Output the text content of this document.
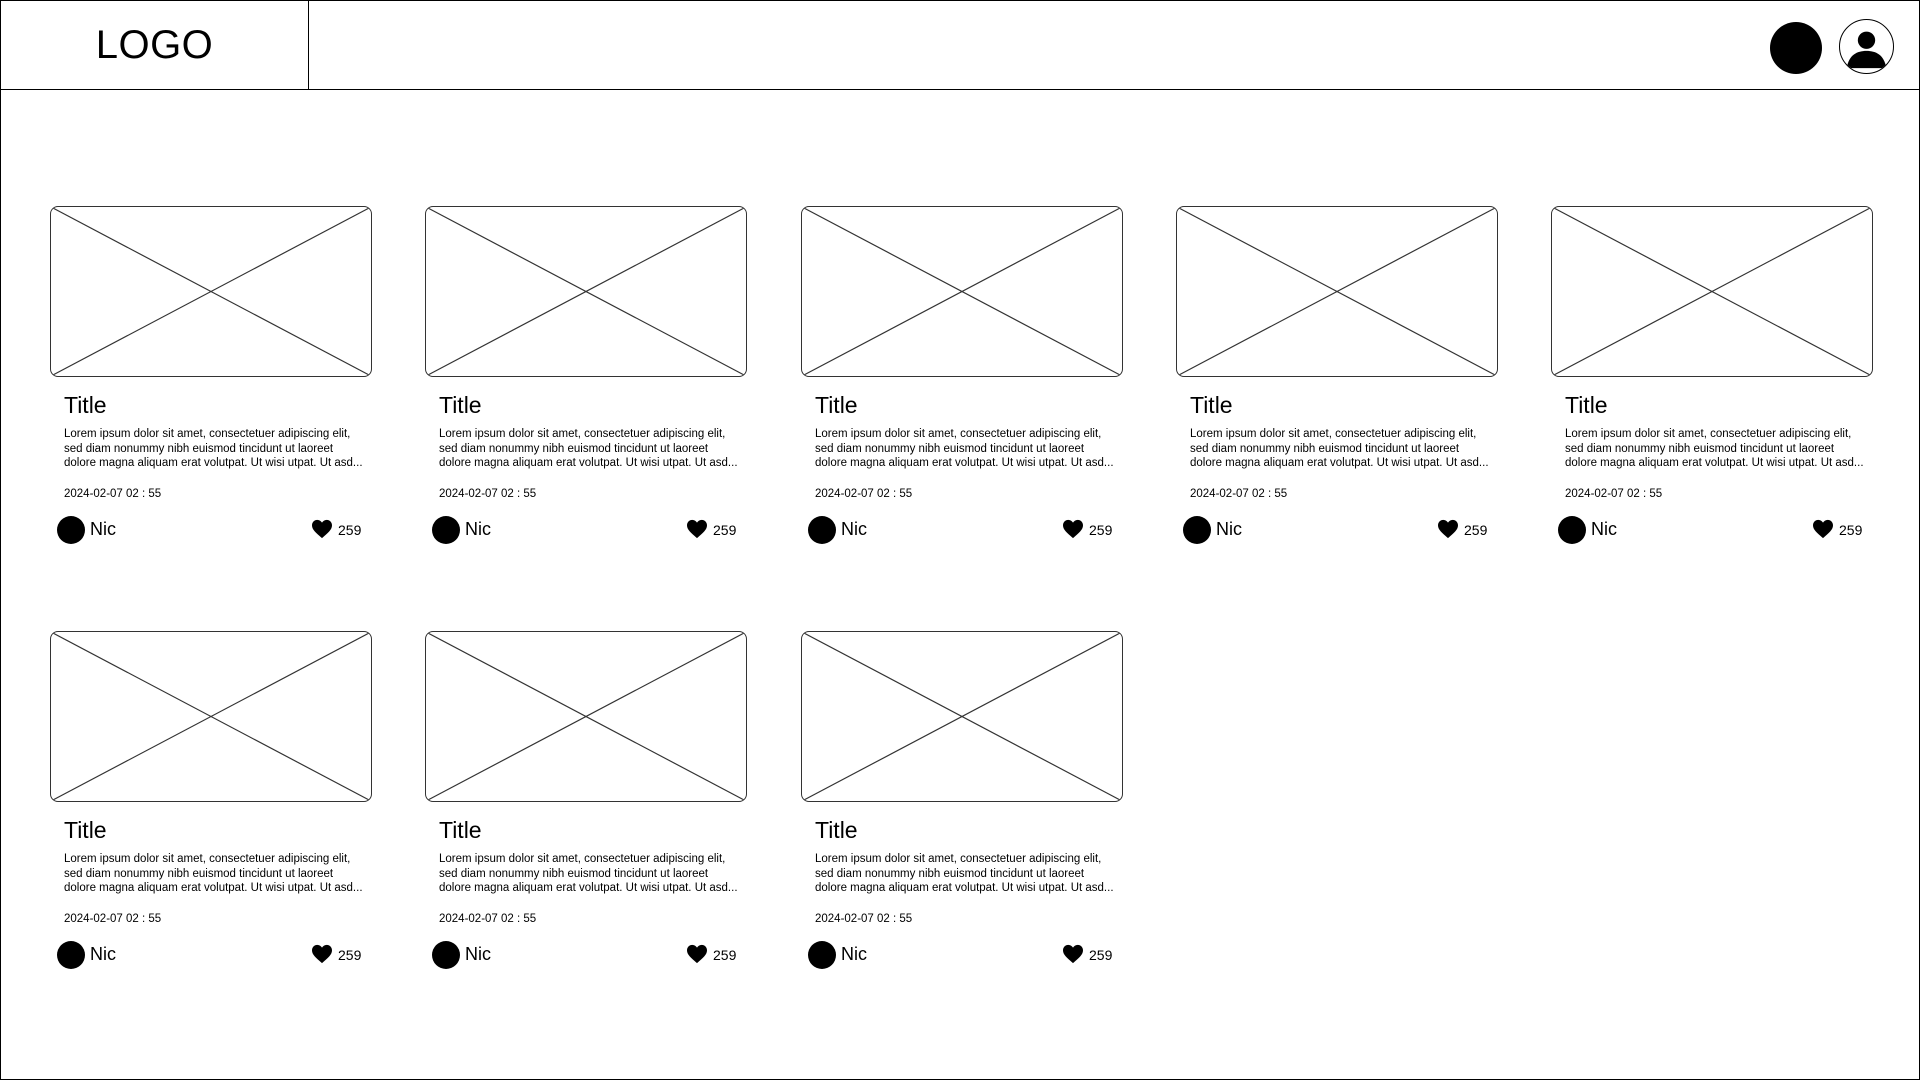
LOGO
Title
Lorem ipsum dolor sit amet, consectetuer adipiscing elit,
sed diam nonummy nibh euismod tincidunt ut laoreet
dolore magna aliquam erat volutpat. Ut wisi utpat. Ut asd...
2024-02-07 02 : 55
Nic	259
Title
Lorem ipsum dolor sit amet, consectetuer adipiscing elit,
sed diam nonummy nibh euismod tincidunt ut laoreet
dolore magna aliquam erat volutpat. Ut wisi utpat. Ut asd...
2024-02-07 02 : 55
Nic	259
Title
Lorem ipsum dolor sit amet, consectetuer adipiscing elit,
sed diam nonummy nibh euismod tincidunt ut laoreet
dolore magna aliquam erat volutpat. Ut wisi utpat. Ut asd...
2024-02-07 02 : 55
Nic	259
Title
Lorem ipsum dolor sit amet, consectetuer adipiscing elit,
sed diam nonummy nibh euismod tincidunt ut laoreet
dolore magna aliquam erat volutpat. Ut wisi utpat. Ut asd...
2024-02-07 02 : 55
Nic	259
Title
Lorem ipsum dolor sit amet, consectetuer adipiscing elit,
sed diam nonummy nibh euismod tincidunt ut laoreet
dolore magna aliquam erat volutpat. Ut wisi utpat. Ut asd...
2024-02-07 02 : 55
Nic	259
Title
Lorem ipsum dolor sit amet, consectetuer adipiscing elit,
sed diam nonummy nibh euismod tincidunt ut laoreet
dolore magna aliquam erat volutpat. Ut wisi utpat. Ut asd...
2024-02-07 02 : 55
Nic	259
Title
Lorem ipsum dolor sit amet, consectetuer adipiscing elit,
sed diam nonummy nibh euismod tincidunt ut laoreet
dolore magna aliquam erat volutpat. Ut wisi utpat. Ut asd...
2024-02-07 02 : 55
Nic	259
Title
Lorem ipsum dolor sit amet, consectetuer adipiscing elit,
sed diam nonummy nibh euismod tincidunt ut laoreet
dolore magna aliquam erat volutpat. Ut wisi utpat. Ut asd...
2024-02-07 02 : 55
Nic	259
